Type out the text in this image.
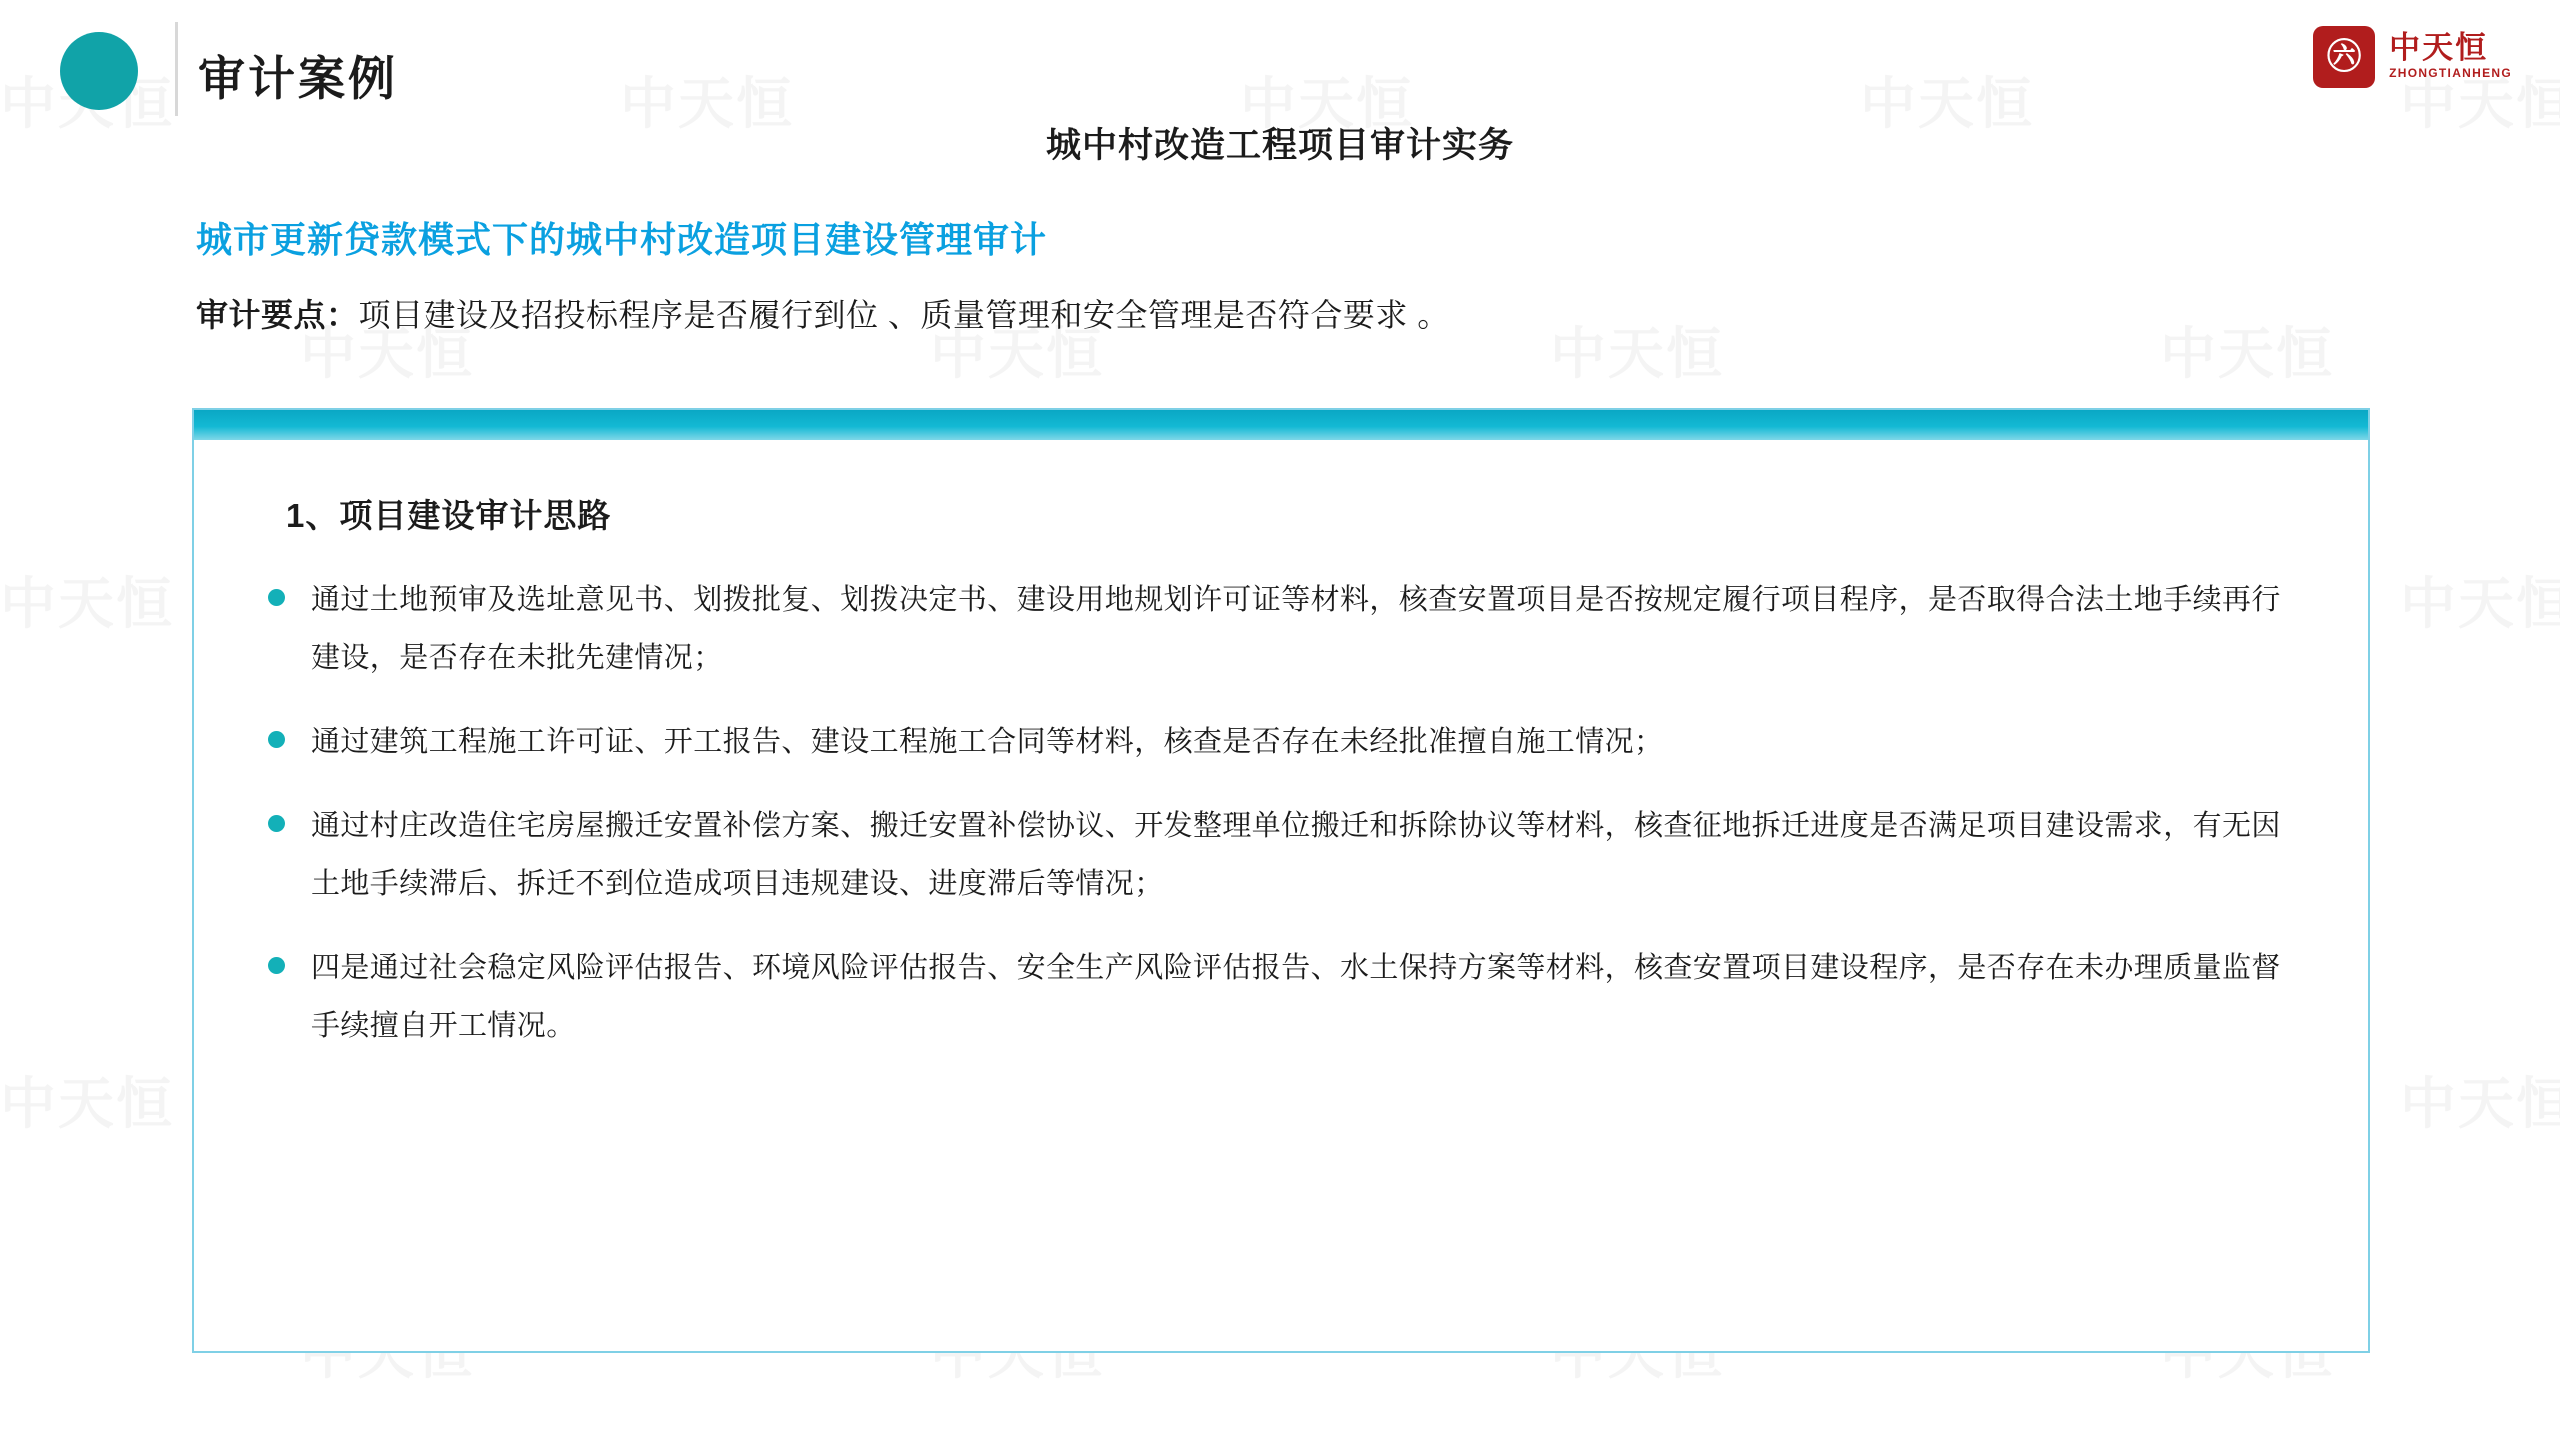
审计案例
城中村改造工程项目审计实务
㊅ 中天恒
ZHONGTIANHENG
城市更新贷款模式下的城中村改造项目建设管理审计
审计要点：项目建设及招投标程序是否履行到位 、质量管理和安全管理是否符合要求 。
1、项目建设审计思路
通过土地预审及选址意见书、划拨批复、划拨决定书、建设用地规划许可证等材料，核查安置项目是否按规定履行项目程序，是否取得合法土地手续再行建设，是否存在未批先建情况；
通过建筑工程施工许可证、开工报告、建设工程施工合同等材料，核查是否存在未经批准擅自施工情况；
通过村庄改造住宅房屋搬迁安置补偿方案、搬迁安置补偿协议、开发整理单位搬迁和拆除协议等材料，核查征地拆迁进度是否满足项目建设需求，有无因土地手续滞后、拆迁不到位造成项目违规建设、进度滞后等情况；
四是通过社会稳定风险评估报告、环境风险评估报告、安全生产风险评估报告、水土保持方案等材料，核查安置项目建设程序，是否存在未办理质量监督手续擅自开工情况。
